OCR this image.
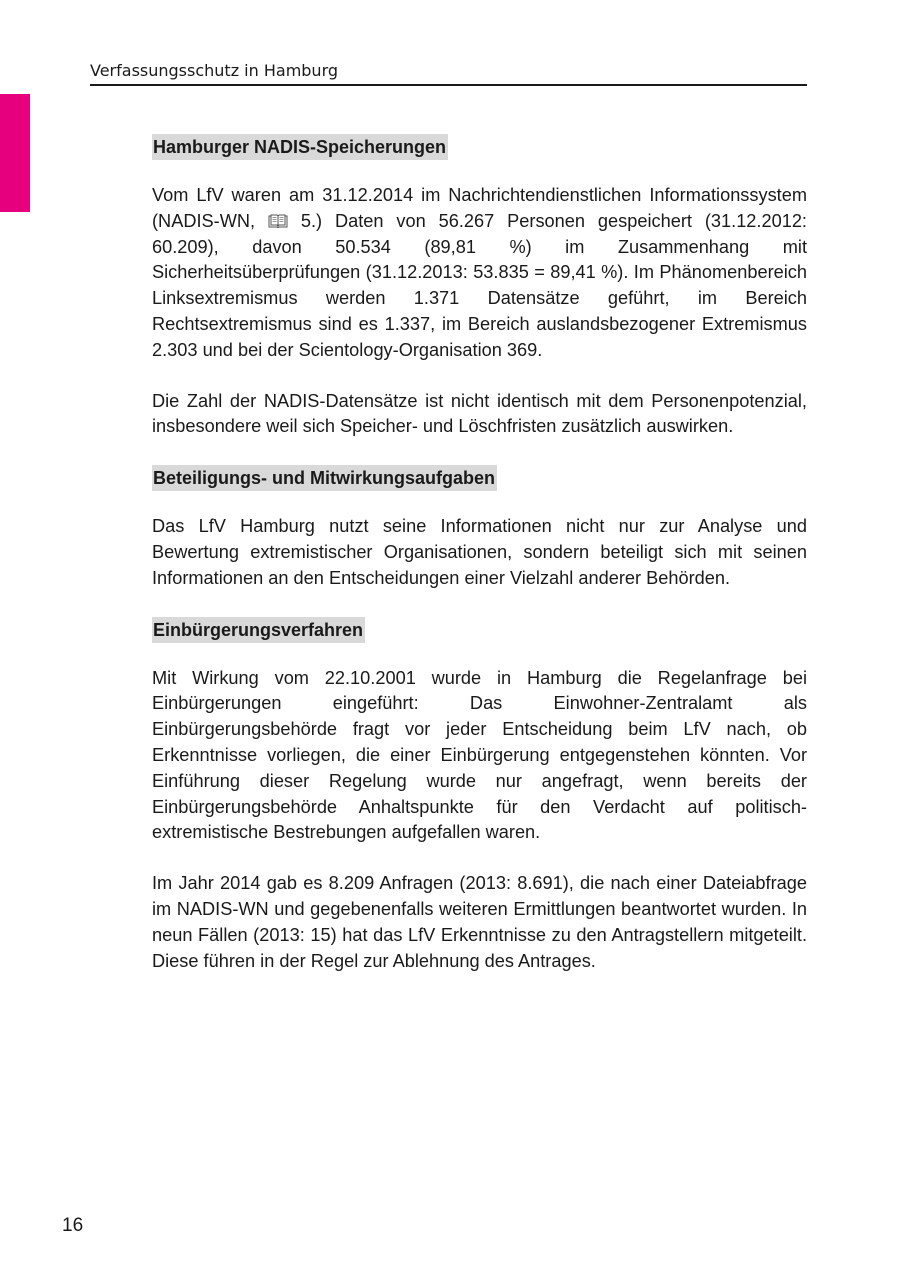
Verfassungsschutz in Hamburg
Hamburger NADIS-Speicherungen

Vom LfV waren am 31.12.2014 im Nachrichtendienstlichen Informationssystem (NADIS-WN,  5.) Daten von 56.267 Personen gespeichert (31.12.2012: 60.209), davon 50.534 (89,81 %) im Zusammenhang mit Sicherheitsüberprüfungen (31.12.2013: 53.835 = 89,41 %). Im Phänomenbereich Linksextremismus werden 1.371 Datensätze geführt, im Bereich Rechtsextremismus sind es 1.337, im Bereich auslandsbezogener Extremismus 2.303 und bei der Scientology-Organisation 369.

Die Zahl der NADIS-Datensätze ist nicht identisch mit dem Personenpotenzial, insbesondere weil sich Speicher- und Löschfristen zusätzlich auswirken.

Beteiligungs- und Mitwirkungsaufgaben

Das LfV Hamburg nutzt seine Informationen nicht nur zur Analyse und Bewertung extremistischer Organisationen, sondern beteiligt sich mit seinen Informationen an den Entscheidungen einer Vielzahl anderer Behörden.

Einbürgerungsverfahren

Mit Wirkung vom 22.10.2001 wurde in Hamburg die Regelanfrage bei Einbürgerungen eingeführt: Das Einwohner-Zentralamt als Einbürgerungsbehörde fragt vor jeder Entscheidung beim LfV nach, ob Erkenntnisse vorliegen, die einer Einbürgerung entgegenstehen könnten. Vor Einführung dieser Regelung wurde nur angefragt, wenn bereits der Einbürgerungsbehörde Anhaltspunkte für den Verdacht auf politisch-extremistische Bestrebungen aufgefallen waren.

Im Jahr 2014 gab es 8.209 Anfragen (2013: 8.691), die nach einer Dateiabfrage im NADIS-WN und gegebenenfalls weiteren Ermittlungen beantwortet wurden. In neun Fällen (2013: 15) hat das LfV Erkenntnisse zu den Antragstellern mitgeteilt. Diese führen in der Regel zur Ablehnung des Antrages.

16
